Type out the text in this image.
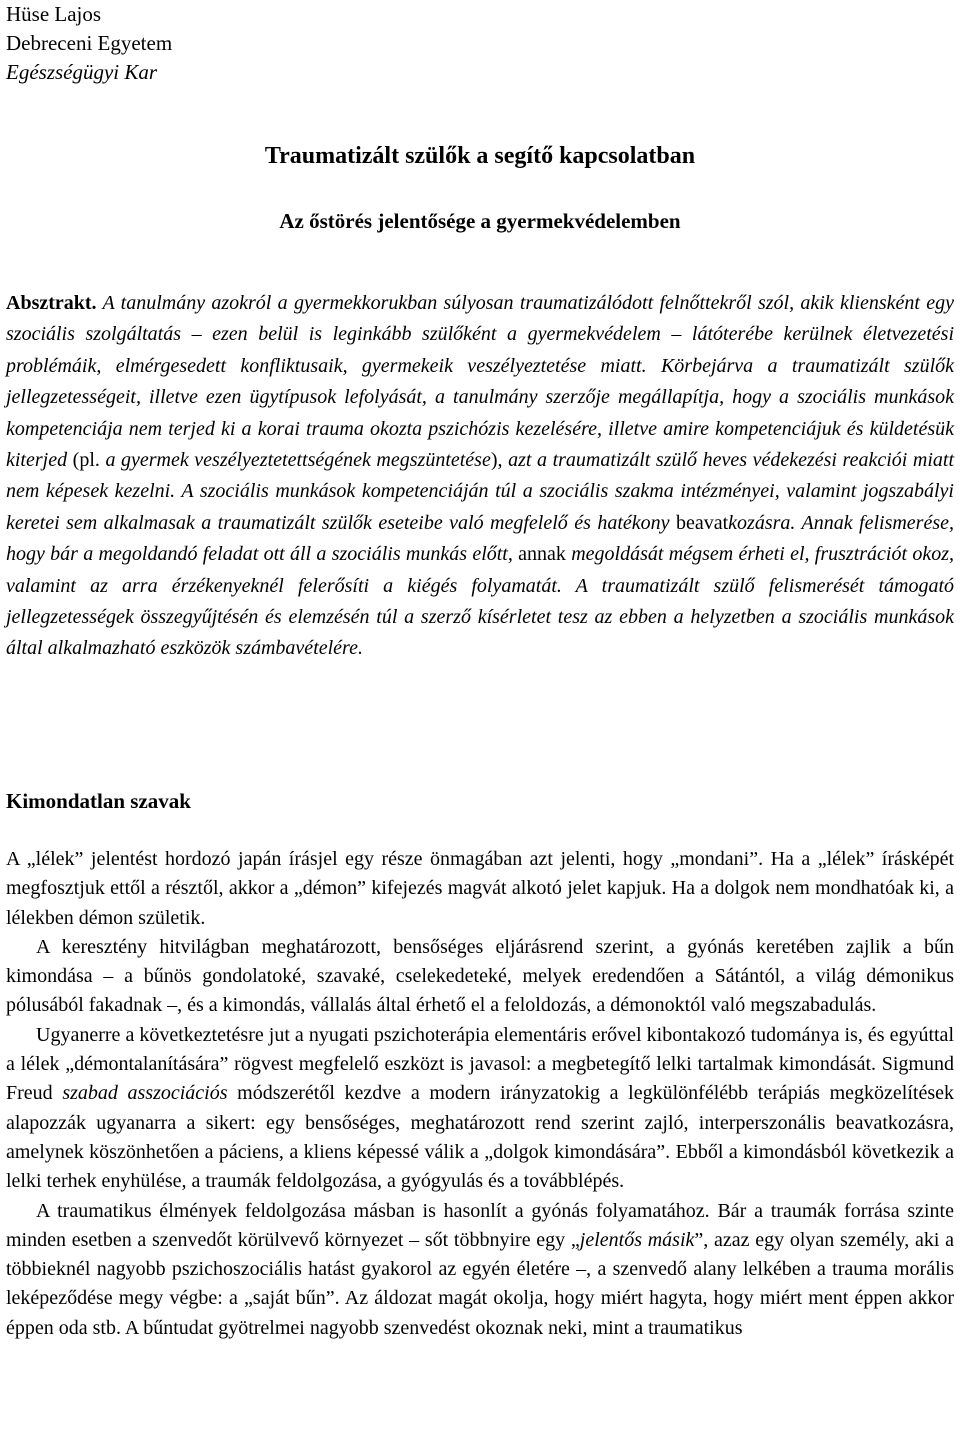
Hüse Lajos
Debreceni Egyetem
Egészségügyi Kar
Traumatizált szülők a segítő kapcsolatban
Az őstörés jelentősége a gyermekvédelemben

Absztrakt. A tanulmány azokról a gyermekkorukban súlyosan traumatizálódott felnőttekről szól, akik kliensként egy szociális szolgáltatás – ezen belül is leginkább szülőként a gyermekvédelem – látóterébe kerülnek életvezetési problémáik, elmérgesedett konfliktusaik, gyermekeik veszélyeztetése miatt. Körbejárva a traumatizált szülők jellegzetességeit, illetve ezen ügytípusok lefolyását, a tanulmány szerzője megállapítja, hogy a szociális munkások kompetenciája nem terjed ki a korai trauma okozta pszichózis kezelésére, illetve amire kompetenciájuk és küldetésük kiterjed (pl. a gyermek veszélyeztetettségének megszüntetése), azt a traumatizált szülő heves védekezési reakciói miatt nem képesek kezelni. A szociális munkások kompetenciáján túl a szociális szakma intézményei, valamint jogszabályi keretei sem alkalmasak a traumatizált szülők eseteibe való megfelelő és hatékony beavatkozásra. Annak felismerése, hogy bár a megoldandó feladat ott áll a szociális munkás előtt, annak megoldását mégsem érheti el, frusztrációt okoz, valamint az arra érzékenyeknél felerősíti a kiégés folyamatát. A traumatizált szülő felismerését támogató jellegzetességek összegyűjtésén és elemzésén túl a szerző kísérletet tesz az ebben a helyzetben a szociális munkások által alkalmazható eszközök számbavételére.

Kimondatlan szavak

A „lélek” jelentést hordozó japán írásjel egy része önmagában azt jelenti, hogy „mondani”. Ha a „lélek” írásképét megfosztjuk ettől a résztől, akkor a „démon” kifejezés magvát alkotó jelet kapjuk. Ha a dolgok nem mondhatóak ki, a lélekben démon születik.

A keresztény hitvilágban meghatározott, bensőséges eljárásrend szerint, a gyónás keretében zajlik a bűn kimondása – a bűnös gondolatoké, szavaké, cselekedeteké, melyek eredendően a Sátántól, a világ démonikus pólusából fakadnak –, és a kimondás, vállalás által érhető el a feloldozás, a démonoktól való megszabadulás.

Ugyanerre a következtetésre jut a nyugati pszichoterápia elementáris erővel kibontakozó tudománya is, és egyúttal a lélek „démontalanítására” rögvest megfelelő eszközt is javasol: a megbetegítő lelki tartalmak kimondását. Sigmund Freud szabad asszociációs módszerétől kezdve a modern irányzatokig a legkülönfélébb terápiás megközelítések alapozzák ugyanarra a sikert: egy bensőséges, meghatározott rend szerint zajló, interperszonális beavatkozásra, amelynek köszönhetően a páciens, a kliens képessé válik a „dolgok kimondására”. Ebből a kimondásból következik a lelki terhek enyhülése, a traumák feldolgozása, a gyógyulás és a továbblépés.

A traumatikus élmények feldolgozása másban is hasonlít a gyónás folyamatához. Bár a traumák forrása szinte minden esetben a szenvedőt körülvevő környezet – sőt többnyire egy „jelentős másik”, azaz egy olyan személy, aki a többieknél nagyobb pszichoszociális hatást gyakorol az egyén életére –, a szenvedő alany lelkében a trauma morális leképeződése megy végbe: a „saját bűn”. Az áldozat magát okolja, hogy miért hagyta, hogy miért ment éppen akkor éppen oda stb. A bűntudat gyötrelmei nagyobb szenvedést okoznak neki, mint a traumatikus
